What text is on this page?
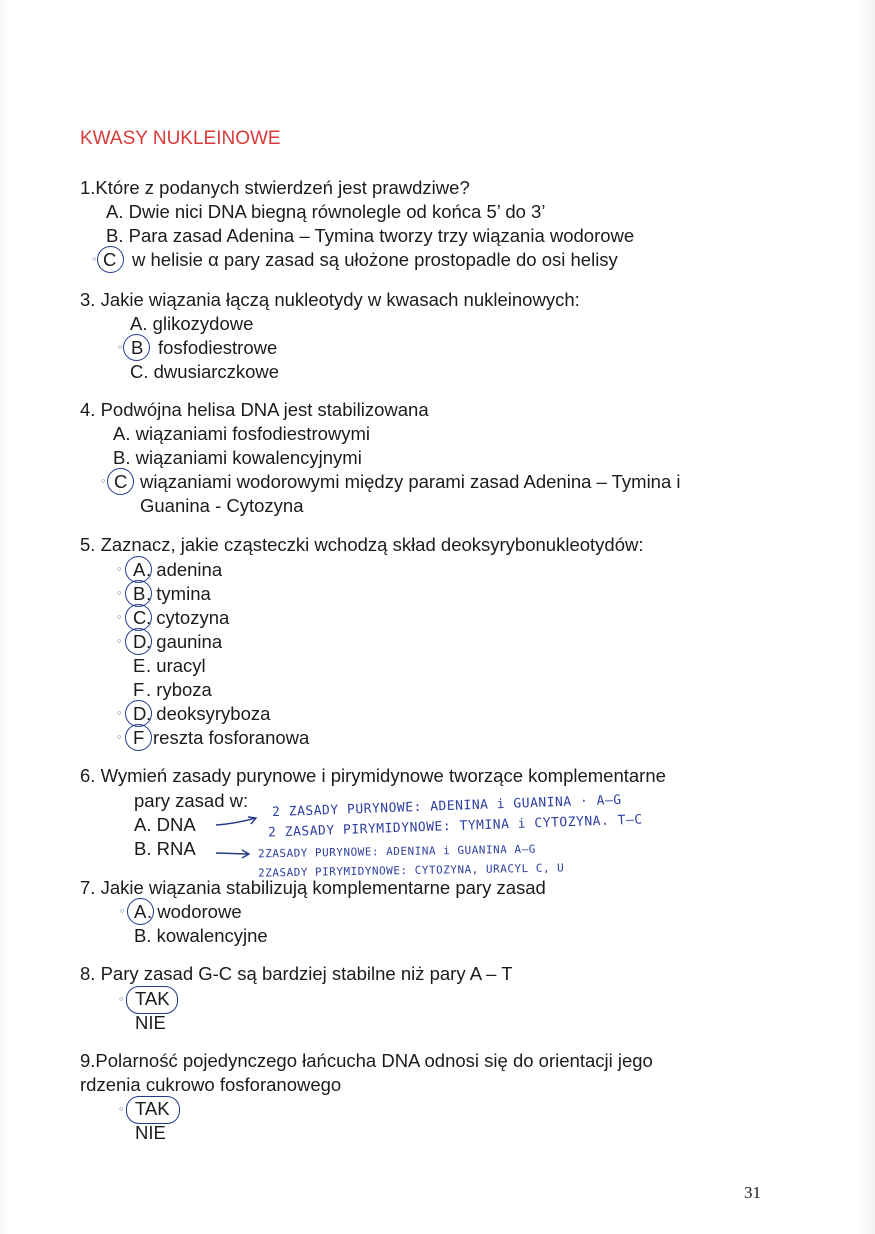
KWASY NUKLEINOWE
1.Które z podanych stwierdzeń jest prawdziwe?
A. Dwie nici DNA biegną równolegle od końca 5’ do 3’
B. Para zasad Adenina – Tymina tworzy trzy wiązania wodorowe
◦ C w helisie α pary zasad są ułożone prostopadle do osi helisy
3. Jakie wiązania łączą nukleotydy w kwasach nukleinowych:
A. glikozydowe
◦ B fosfodiestrowe
C. dwusiarczkowe
4. Podwójna helisa DNA jest stabilizowana
A. wiązaniami fosfodiestrowymi
B. wiązaniami kowalencyjnymi
◦ C wiązaniami wodorowymi między parami zasad Adenina – Tymina i
Guanina - Cytozyna
5. Zaznacz, jakie cząsteczki wchodzą skład deoksyrybonukleotydów:
◦ A . adenina
◦ B . tymina
◦ C . cytozyna
◦ D . gaunina
E . uracyl
F . ryboza
◦ D . deoksyryboza
◦ F reszta fosforanowa
6. Wymień zasady purynowe i pirymidynowe tworzące komplementarne
pary zasad w: 2 ZASADY PURYNOWE: ADENINA i GUANINA · A–G
A. DNA	2 ZASADY PIRYMIDYNOWE: TYMINA i CYTOZYNA. T–C
B. RNA	2ZASADY PURYNOWE: ADENINA i GUANINA A–G
2ZASADY PIRYMIDYNOWE: CYTOZYNA, URACYL C, U
7. Jakie wiązania stabilizują komplementarne pary zasad
◦ A . wodorowe
B. kowalencyjne
8. Pary zasad G-C są bardziej stabilne niż pary A – T
◦ TAK
NIE
9.Polarność pojedynczego łańcucha DNA odnosi się do orientacji jego
rdzenia cukrowo fosforanowego
◦ TAK
NIE
31
